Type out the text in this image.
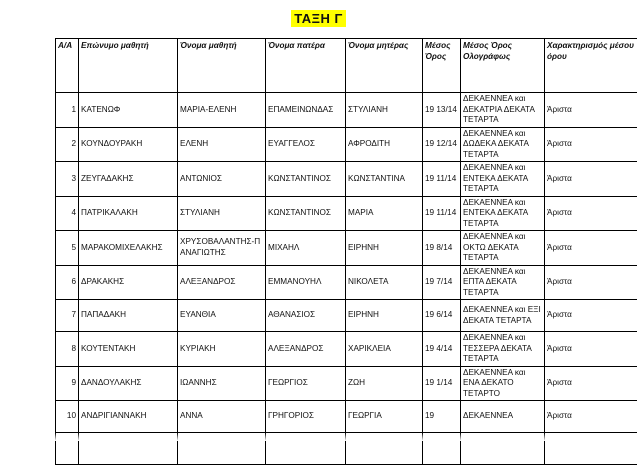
ΤΑΞΗ Γ
Α/Α	Επώνυμο μαθητή	Όνομα μαθητή	Όνομα πατέρα	Όνομα μητέρας	Μέσος Όρος	Μέσος Όρος Ολογράφως	Χαρακτηρισμός μέσου όρου
1	ΚΑΤΕΝΩΦ	ΜΑΡΙΑ-ΕΛΕΝΗ	ΕΠΑΜΕΙΝΩΝΔΑΣ	ΣΤΥΛΙΑΝΗ	19 13/14	ΔΕΚΑΕΝΝΕΑ και ΔΕΚΑΤΡΙΑ ΔΕΚΑΤΑ ΤΕΤΑΡΤΑ	Άριστα
2	ΚΟΥΝΔΟΥΡΑΚΗ	ΕΛΕΝΗ	ΕΥΑΓΓΕΛΟΣ	ΑΦΡΟΔΙΤΗ	19 12/14	ΔΕΚΑΕΝΝΕΑ και ΔΩΔΕΚΑ ΔΕΚΑΤΑ ΤΕΤΑΡΤΑ	Άριστα
3	ΖΕΥΓΑΔΑΚΗΣ	ΑΝΤΩΝΙΟΣ	ΚΩΝΣΤΑΝΤΙΝΟΣ	ΚΩΝΣΤΑΝΤΙΝΑ	19 11/14	ΔΕΚΑΕΝΝΕΑ και ΕΝΤΕΚΑ ΔΕΚΑΤΑ ΤΕΤΑΡΤΑ	Άριστα
4	ΠΑΤΡΙΚΑΛΑΚΗ	ΣΤΥΛΙΑΝΗ	ΚΩΝΣΤΑΝΤΙΝΟΣ	ΜΑΡΙΑ	19 11/14	ΔΕΚΑΕΝΝΕΑ και ΕΝΤΕΚΑ ΔΕΚΑΤΑ ΤΕΤΑΡΤΑ	Άριστα
5	ΜΑΡΑΚΟΜΙΧΕΛΑΚΗΣ	ΧΡΥΣΟΒΑΛΑΝΤΗΣ-Π ΑΝΑΓΙΩΤΗΣ	ΜΙΧΑΗΛ	ΕΙΡΗΝΗ	19 8/14	ΔΕΚΑΕΝΝΕΑ και ΟΚΤΩ ΔΕΚΑΤΑ ΤΕΤΑΡΤΑ	Άριστα
6	ΔΡΑΚΑΚΗΣ	ΑΛΕΞΑΝΔΡΟΣ	ΕΜΜΑΝΟΥΗΛ	ΝΙΚΟΛΕΤΑ	19 7/14	ΔΕΚΑΕΝΝΕΑ και ΕΠΤΑ ΔΕΚΑΤΑ ΤΕΤΑΡΤΑ	Άριστα
7	ΠΑΠΑΔΑΚΗ	ΕΥΑΝΘΙΑ	ΑΘΑΝΑΣΙΟΣ	ΕΙΡΗΝΗ	19 6/14	ΔΕΚΑΕΝΝΕΑ και ΕΞΙ ΔΕΚΑΤΑ ΤΕΤΑΡΤΑ	Άριστα
8	ΚΟΥΤΕΝΤΑΚΗ	ΚΥΡΙΑΚΗ	ΑΛΕΞΑΝΔΡΟΣ	ΧΑΡΙΚΛΕΙΑ	19 4/14	ΔΕΚΑΕΝΝΕΑ και ΤΕΣΣΕΡΑ ΔΕΚΑΤΑ ΤΕΤΑΡΤΑ	Άριστα
9	ΔΑΝΔΟΥΛΑΚΗΣ	ΙΩΑΝΝΗΣ	ΓΕΩΡΓΙΟΣ	ΖΩΗ	19 1/14	ΔΕΚΑΕΝΝΕΑ και ΕΝΑ ΔΕΚΑΤΟ ΤΕΤΑΡΤΟ	Άριστα
10	ΑΝΔΡΙΓΙΑΝΝΑΚΗ	ΑΝΝΑ	ΓΡΗΓΟΡΙΟΣ	ΓΕΩΡΓΙΑ	19	ΔΕΚΑΕΝΝΕΑ	Άριστα
